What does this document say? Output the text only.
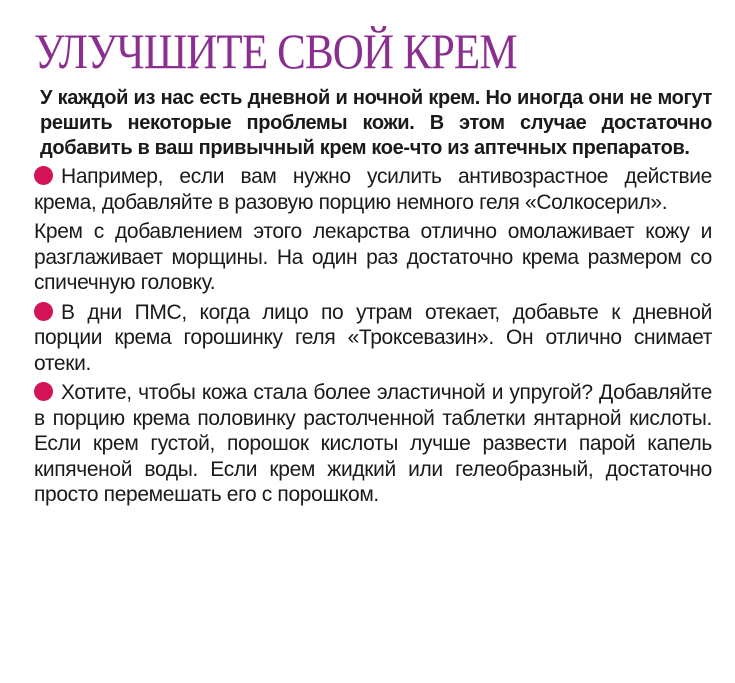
УЛУЧШИТЕ СВОЙ КРЕМ

У каждой из нас есть дневной и ночной крем. Но иногда они не могут решить некоторые проблемы кожи. В этом случае достаточно добавить в ваш привычный крем кое-что из аптечных препаратов.

Например, если вам нужно усилить антивозрастное действие крема, добавляйте в разовую порцию немного геля «Солкосерил».

Крем с добавлением этого лекарства отлично омолаживает кожу и разглаживает морщины. На один раз достаточно крема размером со спичечную головку.

В дни ПМС, когда лицо по утрам отекает, добавьте к дневной порции крема горошинку геля «Троксевазин». Он отлично снимает отеки.

Хотите, чтобы кожа стала более эластичной и упругой? Добавляйте в порцию крема половинку растолченной таблетки янтарной кислоты. Если крем густой, порошок кислоты лучше развести парой капель кипяченой воды. Если крем жидкий или гелеобразный, достаточно просто перемешать его с порошком.
